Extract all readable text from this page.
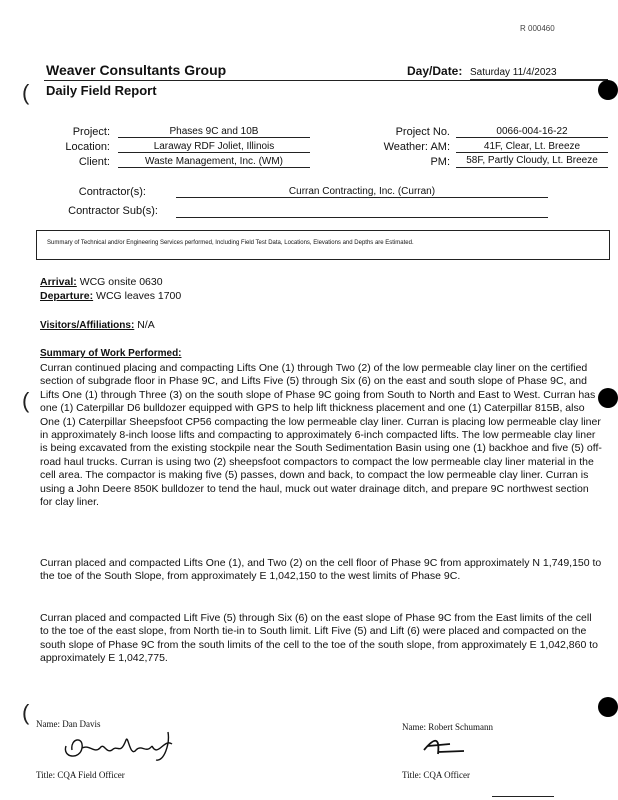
R 000460
Weaver Consultants Group	Day/Date: Saturday 11/4/2023
( Daily Field Report
Project:	Phases 9C and 10B
Location:	Laraway RDF Joliet, Illinois
Client:	Waste Management, Inc. (WM)
Project No.	0066-004-16-22
Weather: AM:	41F, Clear, Lt. Breeze
PM:	58F, Partly Cloudy, Lt. Breeze
Contractor(s):	Curran Contracting, Inc. (Curran)
Contractor Sub(s):
Summary of Technical and/or Engineering Services performed, Including Field Test Data, Locations, Elevations and Depths are Estimated.
Arrival: WCG onsite 0630
Departure: WCG leaves 1700
Visitors/Affiliations: N/A
Summary of Work Performed:
Curran continued placing and compacting Lifts One (1) through Two (2) of the low permeable clay liner on the certified section of subgrade floor in Phase 9C, and Lifts Five (5) through Six (6) on the east and south slope of Phase 9C, and Lifts One (1) through Three (3) on the south slope of Phase 9C going from South to North and East to West. Curran has one (1) Caterpillar D6 bulldozer equipped with GPS to help lift thickness placement and one (1) Caterpillar 815B, also One (1) Caterpillar Sheepsfoot CP56 compacting the low permeable clay liner. Curran is placing low permeable clay liner in approximately 8-inch loose lifts and compacting to approximately 6-inch compacted lifts. The low permeable clay liner is being excavated from the existing stockpile near the South Sedimentation Basin using one (1) backhoe and five (5) off-road haul trucks. Curran is using two (2) sheepsfoot compactors to compact the low permeable clay liner material in the cell area. The compactor is making five (5) passes, down and back, to compact the low permeable clay liner. Curran is using a John Deere 850K bulldozer to tend the haul, muck out water drainage ditch, and prepare 9C northwest section for clay liner.
Curran placed and compacted Lifts One (1), and Two (2) on the cell floor of Phase 9C from approximately N 1,749,150 to the toe of the South Slope, from approximately E 1,042,150 to the west limits of Phase 9C.
Curran placed and compacted Lift Five (5) through Six (6) on the east slope of Phase 9C from the East limits of the cell to the toe of the east slope, from North tie-in to South limit. Lift Five (5) and Lift (6) were placed and compacted on the south slope of Phase 9C from the south limits of the cell to the toe of the south slope, from approximately E 1,042,860 to approximately E 1,042,775.
(
( Name: Dan Davis
Title: CQA Field Officer
Name: Robert Schumann
Title: CQA Officer
